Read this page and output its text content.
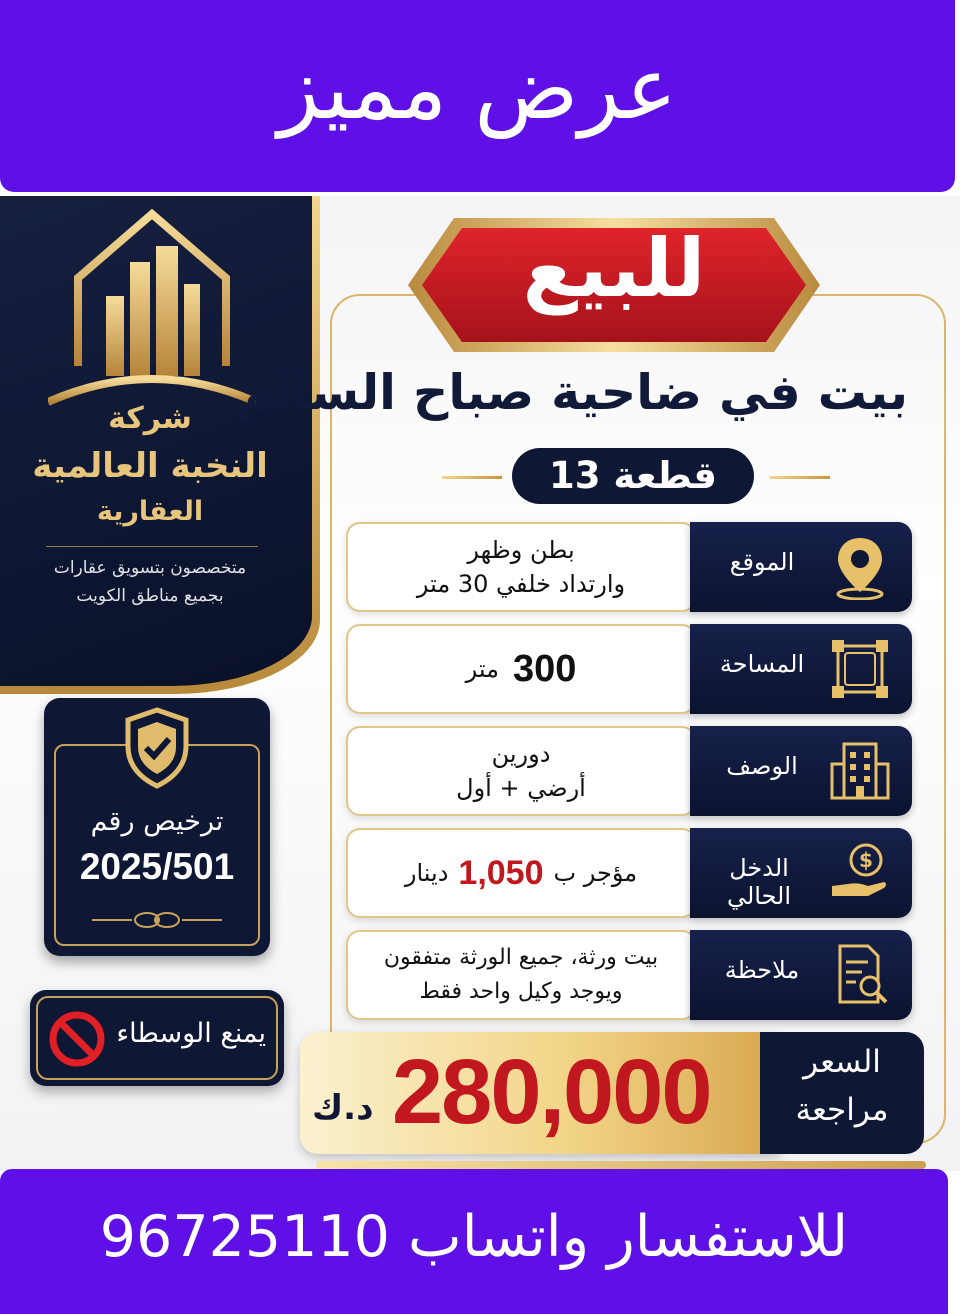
عرض مميز
شركة
النخبة العالمية
العقارية
متخصصون بتسويق عقارات
بجميع مناطق الكويت
ترخيص رقم
2025/501
يمنع الوسطاء
للبيع
بيت في ضاحية صباح السالم
قطعة 13
بطن وظهر
وارتداد خلفي 30 متر
الموقع
متر 300	المساحة
دورين
أرضي + أول
الوصف
دينار 1,050 مؤجر ب	الدخل الحالي
$
بيت ورثة، جميع الورثة متفقون
ويوجد وكيل واحد فقط
ملاحظة
280,000
د.ك
السعر
مراجعة
للاستفسار واتساب 96725110
